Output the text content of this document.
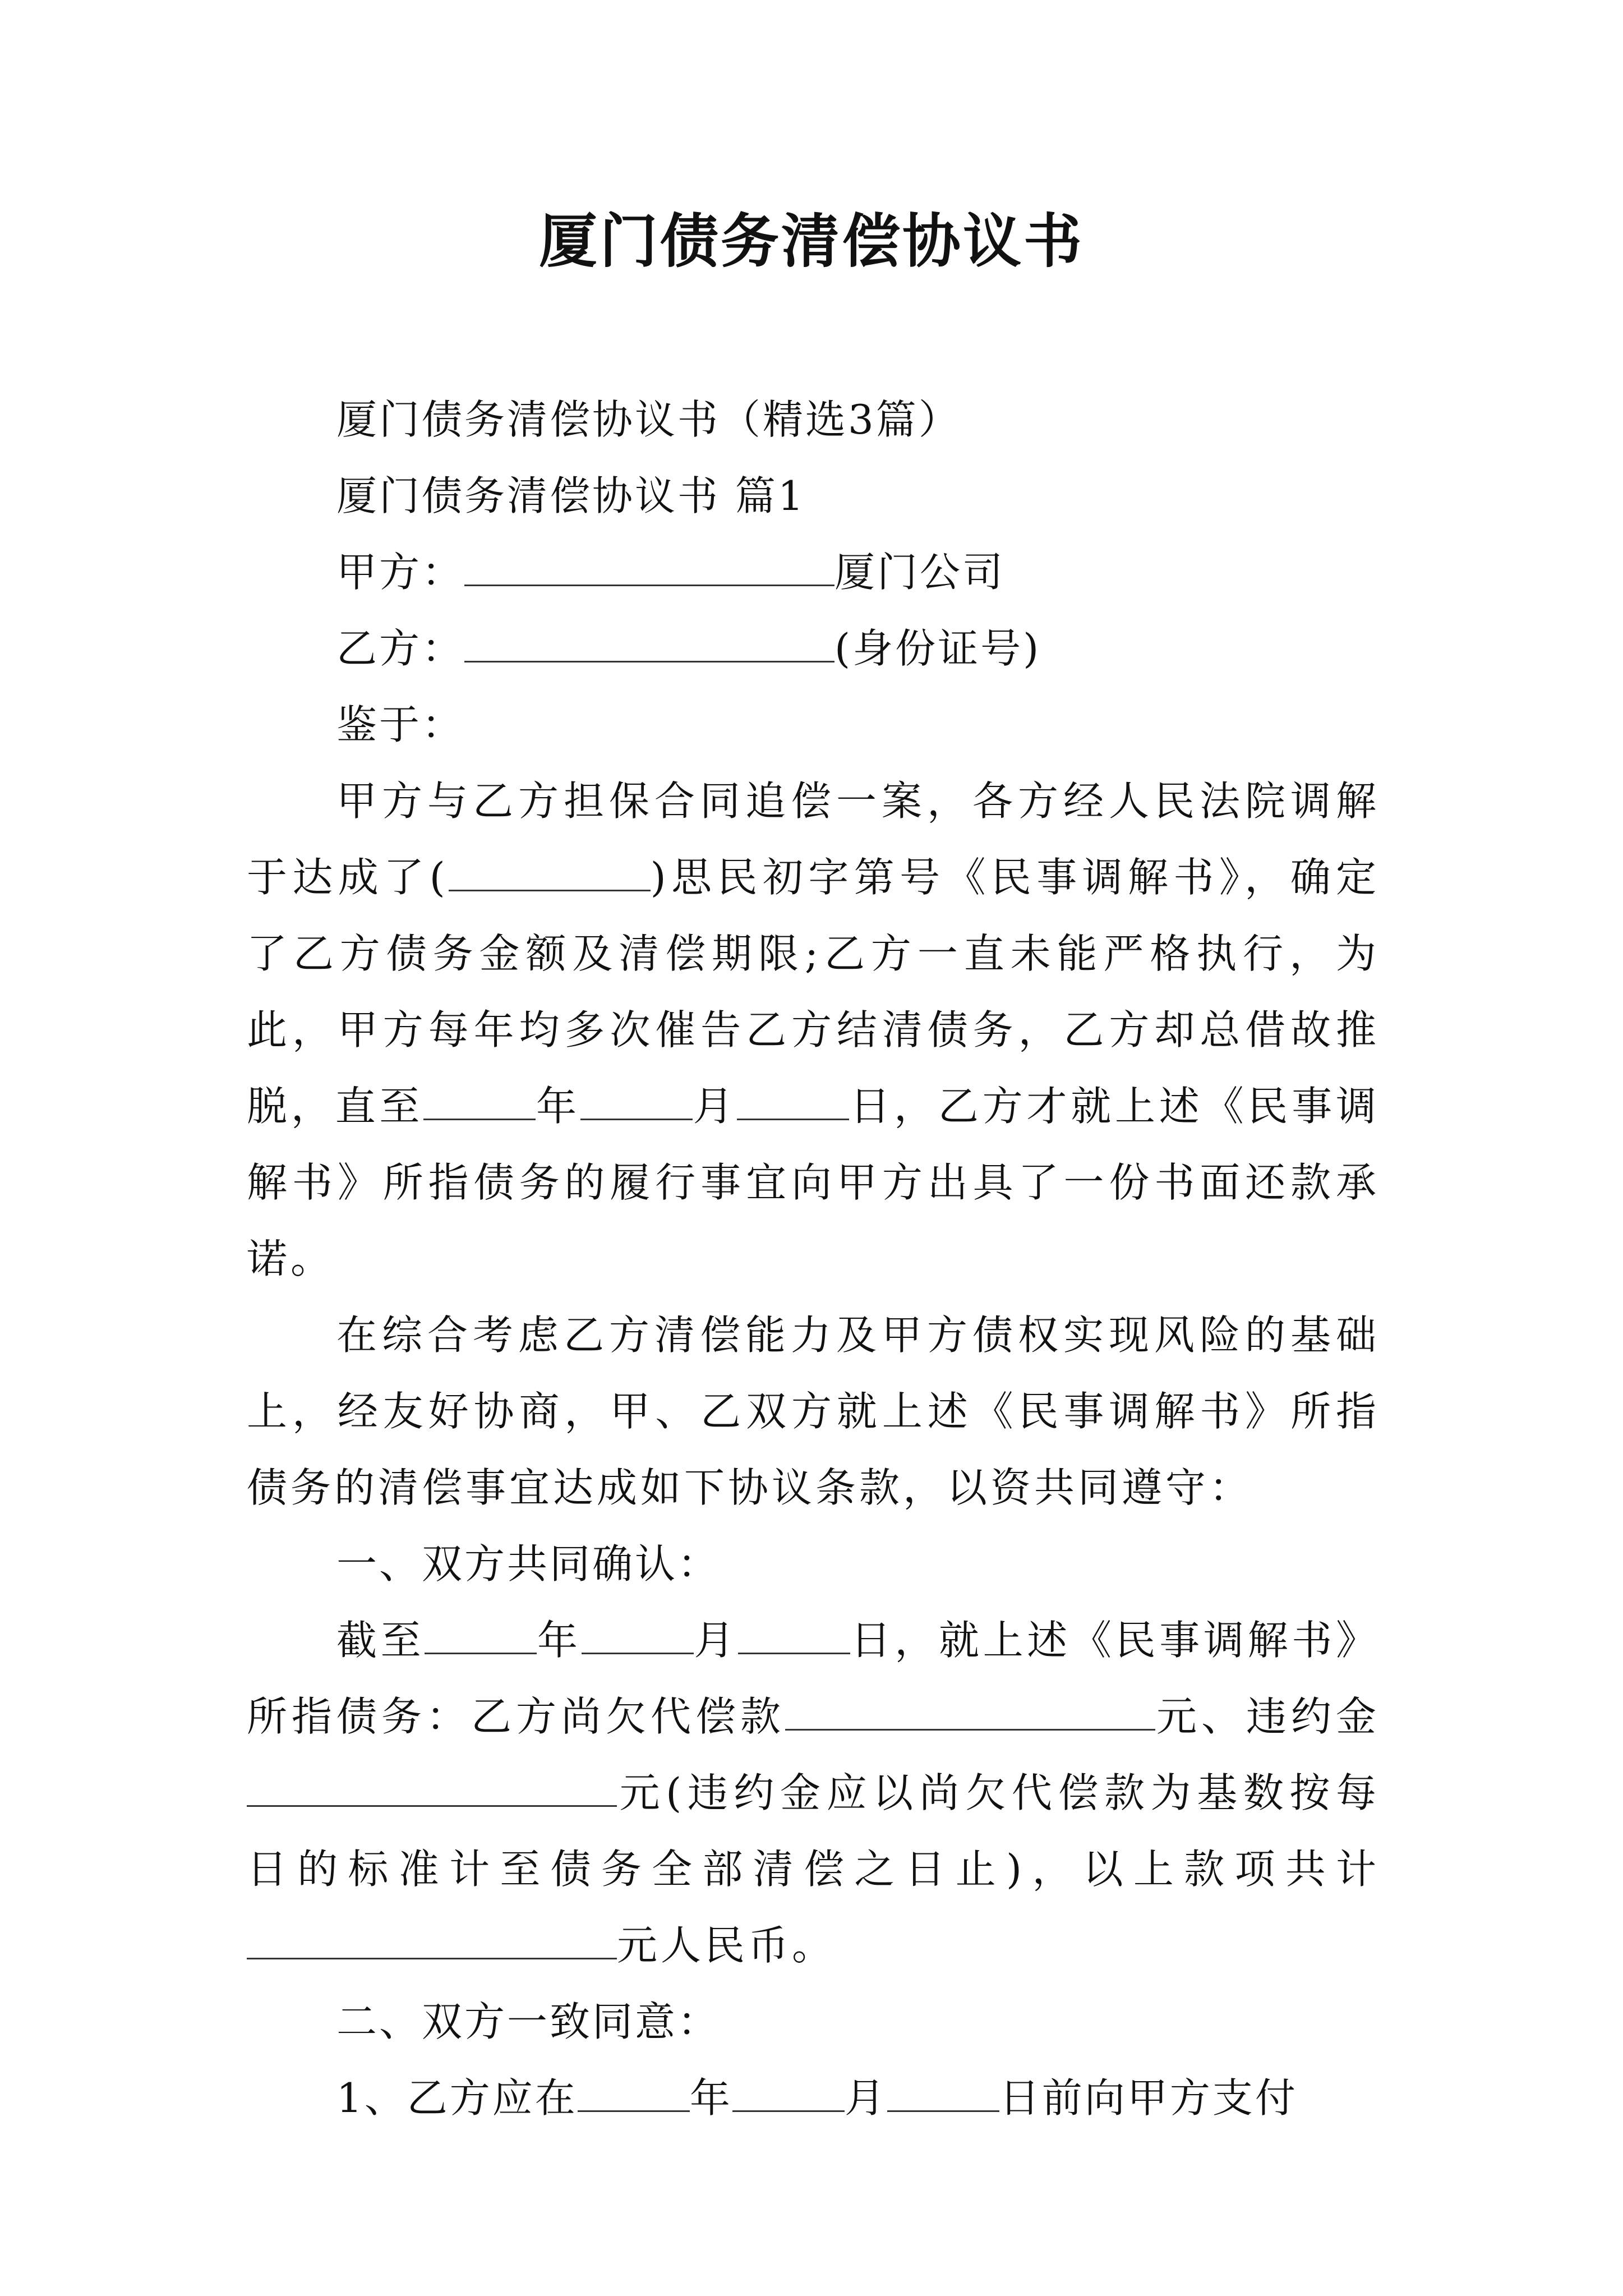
厦门债务清偿协议书

厦门债务清偿协议书（精选3篇）

厦门债务清偿协议书 篇1

甲方：	厦门公司

乙方：	(身份证号)

鉴于：

甲方与乙方担保合同追偿一案，各方经人民法院调解于达成了(	)思民初字第号《民事调解书》，确定了乙方债务金额及清偿期限;乙方一直未能严格执行，为此，甲方每年均多次催告乙方结清债务，乙方却总借故推脱，直至	年	月	日，乙方才就上述《民事调解书》所指债务的履行事宜向甲方出具了一份书面还款承诺。

在综合考虑乙方清偿能力及甲方债权实现风险的基础上，经友好协商，甲、乙双方就上述《民事调解书》所指债务的清偿事宜达成如下协议条款，以资共同遵守：

一、双方共同确认：

截至	年	月	日，就上述《民事调解书》所指债务：乙方尚欠代偿款	元、违约金元(违约金应以尚欠代偿款为基数按每日的标准计至债务全部清偿之日止)，以上款项共计元人民币。

二、双方一致同意：

1、乙方应在	年	月	日前向甲方支付
